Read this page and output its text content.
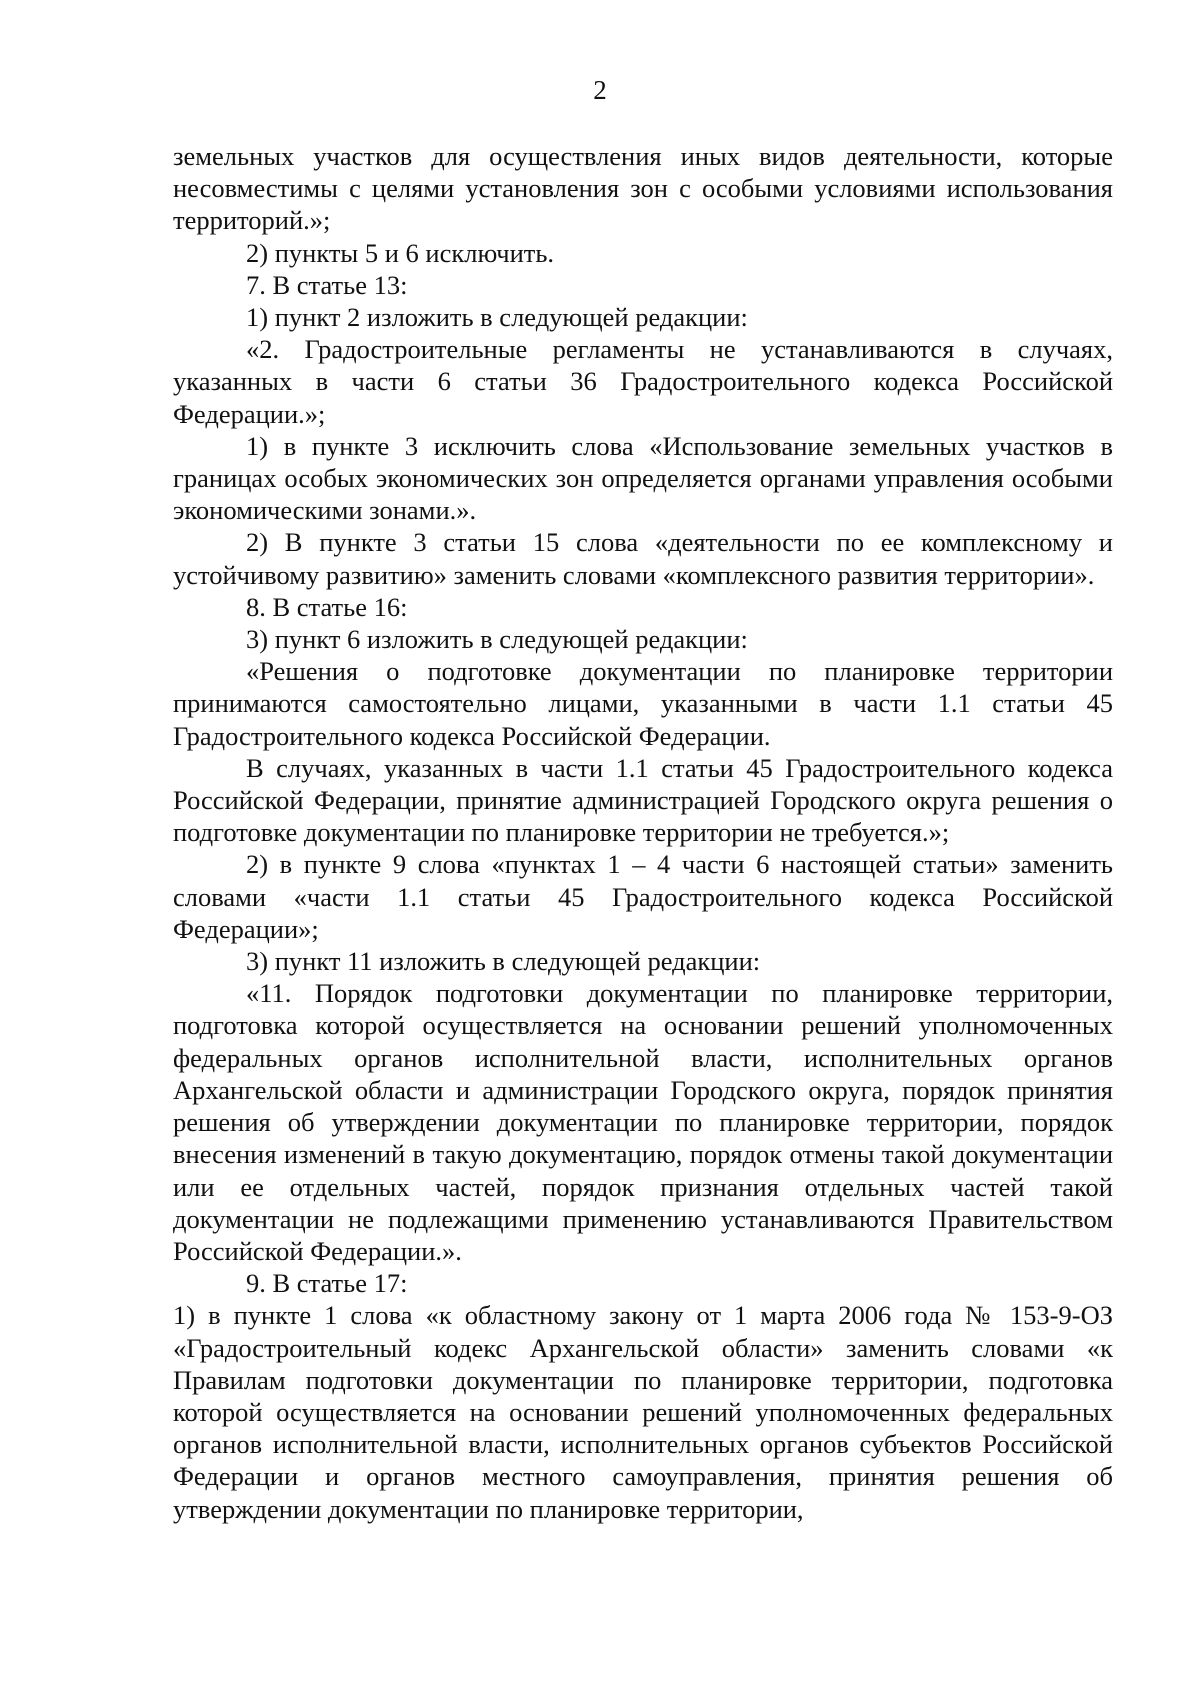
2

земельных участков для осуществления иных видов деятельности, которые несовместимы с целями установления зон с особыми условиями использования территорий.»;

2) пункты 5 и 6 исключить.

7. В статье 13:

1) пункт 2 изложить в следующей редакции:

«2. Градостроительные регламенты не устанавливаются в случаях, указанных в части 6 статьи 36 Градостроительного кодекса Российской Федерации.»;

1) в пункте 3 исключить слова «Использование земельных участков в границах особых экономических зон определяется органами управления особыми экономическими зонами.».

2) В пункте 3 статьи 15 слова «деятельности по ее комплексному и устойчивому развитию» заменить словами «комплексного развития территории».

8. В статье 16:

3) пункт 6 изложить в следующей редакции:

«Решения о подготовке документации по планировке территории принимаются самостоятельно лицами, указанными в части 1.1 статьи 45 Градостроительного кодекса Российской Федерации.

В случаях, указанных в части 1.1 статьи 45 Градостроительного кодекса Российской Федерации, принятие администрацией Городского округа решения о подготовке документации по планировке территории не требуется.»;

2) в пункте 9 слова «пунктах 1 – 4 части 6 настоящей статьи» заменить словами «части 1.1 статьи 45 Градостроительного кодекса Российской Федерации»;

3) пункт 11 изложить в следующей редакции:

«11. Порядок подготовки документации по планировке территории, подготовка которой осуществляется на основании решений уполномоченных федеральных органов исполнительной власти, исполнительных органов Архангельской области и администрации Городского округа, порядок принятия решения об утверждении документации по планировке территории, порядок внесения изменений в такую документацию, порядок отмены такой документации или ее отдельных частей, порядок признания отдельных частей такой документации не подлежащими применению устанавливаются Правительством Российской Федерации.».

9. В статье 17:

1) в пункте 1 слова «к областному закону от 1 марта 2006 года № 153-9-ОЗ «Градостроительный кодекс Архангельской области» заменить словами «к Правилам подготовки документации по планировке территории, подготовка которой осуществляется на основании решений уполномоченных федеральных органов исполнительной власти, исполнительных органов субъектов Российской Федерации и органов местного самоуправления, принятия решения об утверждении документации по планировке территории,
